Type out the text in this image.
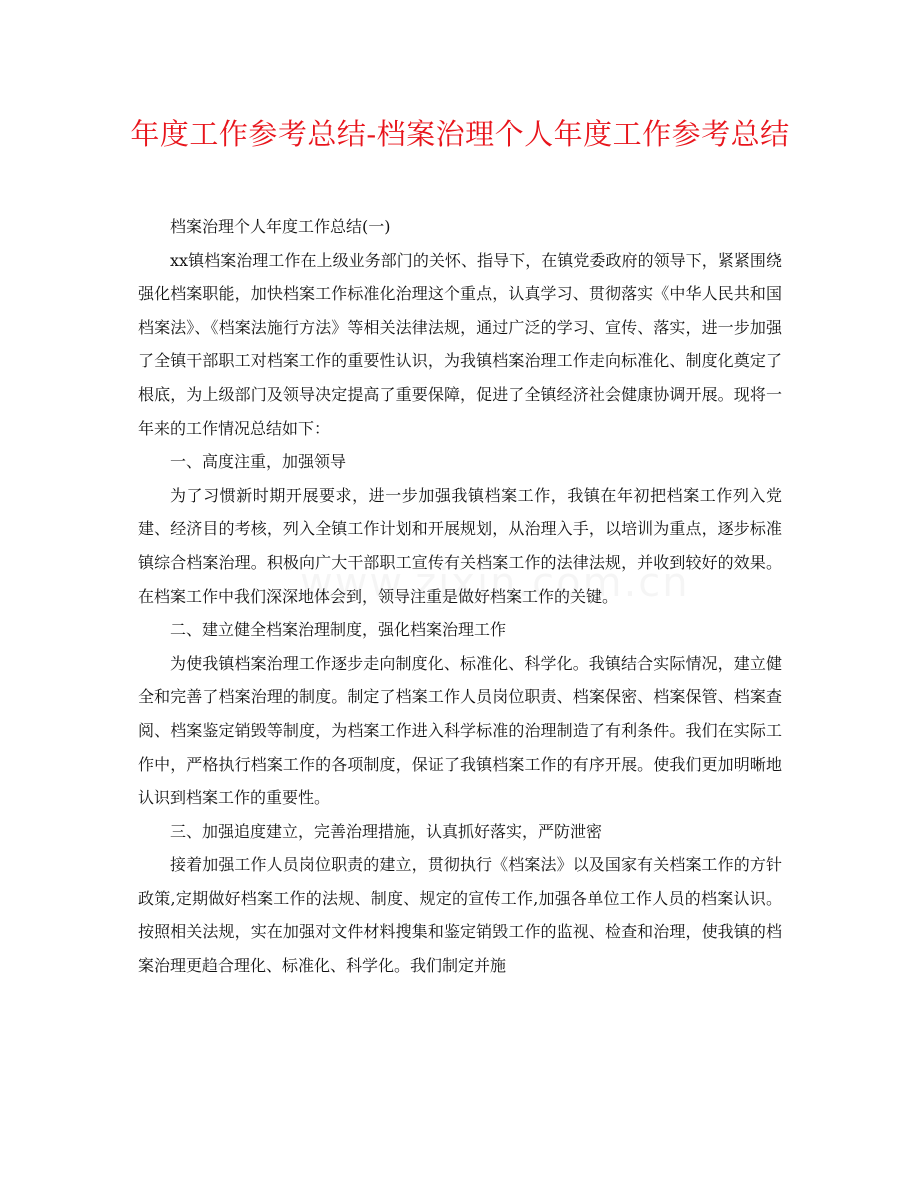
年度工作参考总结-档案治理个人年度工作参考总结

档案治理个人年度工作总结(一)

xx镇档案治理工作在上级业务部门的关怀、指导下，在镇党委政府的领导下，紧紧围绕强化档案职能，加快档案工作标准化治理这个重点，认真学习、贯彻落实《中华人民共和国档案法》、《档案法施行方法》等相关法律法规，通过广泛的学习、宣传、落实，进一步加强了全镇干部职工对档案工作的重要性认识，为我镇档案治理工作走向标准化、制度化奠定了根底，为上级部门及领导决定提高了重要保障，促进了全镇经济社会健康协调开展。现将一年来的工作情况总结如下：

一、高度注重，加强领导

为了习惯新时期开展要求，进一步加强我镇档案工作，我镇在年初把档案工作列入党建、经济目的考核，列入全镇工作计划和开展规划，从治理入手，以培训为重点，逐步标准镇综合档案治理。积极向广大干部职工宣传有关档案工作的法律法规，并收到较好的效果。在档案工作中我们深深地体会到，领导注重是做好档案工作的关键。

二、建立健全档案治理制度，强化档案治理工作

为使我镇档案治理工作逐步走向制度化、标准化、科学化。我镇结合实际情况，建立健全和完善了档案治理的制度。制定了档案工作人员岗位职责、档案保密、档案保管、档案查阅、档案鉴定销毁等制度，为档案工作进入科学标准的治理制造了有利条件。我们在实际工作中，严格执行档案工作的各项制度，保证了我镇档案工作的有序开展。使我们更加明晰地认识到档案工作的重要性。

三、加强追度建立，完善治理措施，认真抓好落实，严防泄密

接着加强工作人员岗位职责的建立，贯彻执行《档案法》以及国家有关档案工作的方针政策,定期做好档案工作的法规、制度、规定的宣传工作,加强各单位工作人员的档案认识。按照相关法规，实在加强对文件材料搜集和鉴定销毁工作的监视、检查和治理，使我镇的档案治理更趋合理化、标准化、科学化。我们制定并施
